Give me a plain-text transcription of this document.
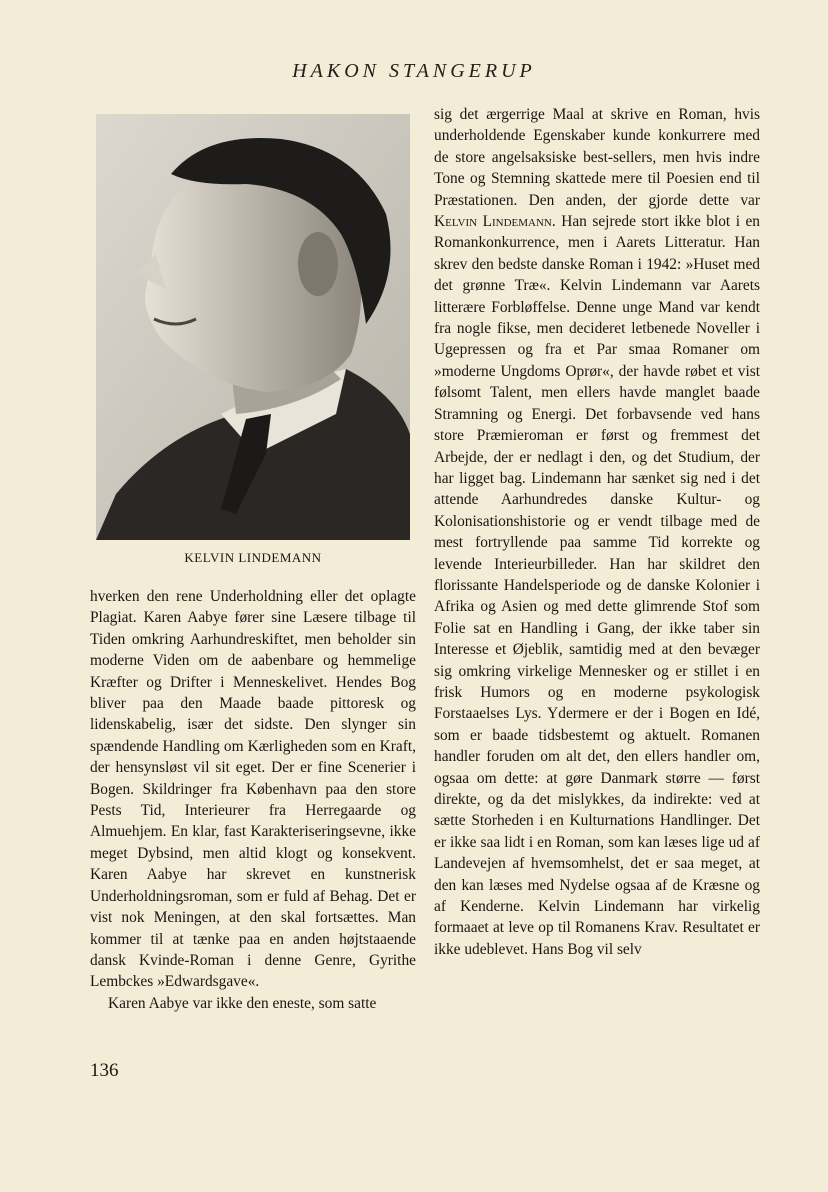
HAKON STANGERUP
KELVIN LINDEMANN

hverken den rene Underholdning eller det oplagte Plagiat. Karen Aabye fører sine Læsere tilbage til Tiden omkring Aarhundreskiftet, men beholder sin moderne Viden om de aabenbare og hemmelige Kræfter og Drifter i Menneskelivet. Hendes Bog bliver paa den Maade baade pittoresk og lidenskabelig, især det sidste. Den slynger sin spændende Handling om Kærligheden som en Kraft, der hensynsløst vil sit eget. Der er fine Scenerier i Bogen. Skildringer fra København paa den store Pests Tid, Interieurer fra Herregaarde og Almuehjem. En klar, fast Karakteriseringsevne, ikke meget Dybsind, men altid klogt og konsekvent. Karen Aabye har skrevet en kunstnerisk Underholdningsroman, som er fuld af Behag. Det er vist nok Meningen, at den skal fortsættes. Man kommer til at tænke paa en anden højtstaaende dansk Kvinde-Roman i denne Genre, Gyrithe Lembckes »Edwardsgave«.

Karen Aabye var ikke den eneste, som satte

sig det ærgerrige Maal at skrive en Roman, hvis underholdende Egenskaber kunde konkurrere med de store angelsaksiske best-sellers, men hvis indre Tone og Stemning skattede mere til Poesien end til Præstationen. Den anden, der gjorde dette var Kelvin Lindemann. Han sejrede stort ikke blot i en Romankonkurrence, men i Aarets Litteratur. Han skrev den bedste danske Roman i 1942: »Huset med det grønne Træ«. Kelvin Lindemann var Aarets litterære Forbløffelse. Denne unge Mand var kendt fra nogle fikse, men decideret letbenede Noveller i Ugepressen og fra et Par smaa Romaner om »moderne Ungdoms Oprør«, der havde røbet et vist følsomt Talent, men ellers havde manglet baade Stramning og Energi. Det forbavsende ved hans store Præmieroman er først og fremmest det Arbejde, der er nedlagt i den, og det Studium, der har ligget bag. Lindemann har sænket sig ned i det attende Aarhundredes danske Kultur- og Kolonisationshistorie og er vendt tilbage med de mest fortryllende paa samme Tid korrekte og levende Interieurbilleder. Han har skildret den florissante Handelsperiode og de danske Kolonier i Afrika og Asien og med dette glimrende Stof som Folie sat en Handling i Gang, der ikke taber sin Interesse et Øjeblik, samtidig med at den bevæger sig omkring virkelige Mennesker og er stillet i en frisk Humors og en moderne psykologisk Forstaaelses Lys. Ydermere er der i Bogen en Idé, som er baade tidsbestemt og aktuelt. Romanen handler foruden om alt det, den ellers handler om, ogsaa om dette: at gøre Danmark større — først direkte, og da det mislykkes, da indirekte: ved at sætte Storheden i en Kulturnations Handlinger. Det er ikke saa lidt i en Roman, som kan læses lige ud af Landevejen af hvemsomhelst, det er saa meget, at den kan læses med Nydelse ogsaa af de Kræsne og af Kenderne. Kelvin Lindemann har virkelig formaaet at leve op til Romanens Krav. Resultatet er ikke udeblevet. Hans Bog vil selv

136
